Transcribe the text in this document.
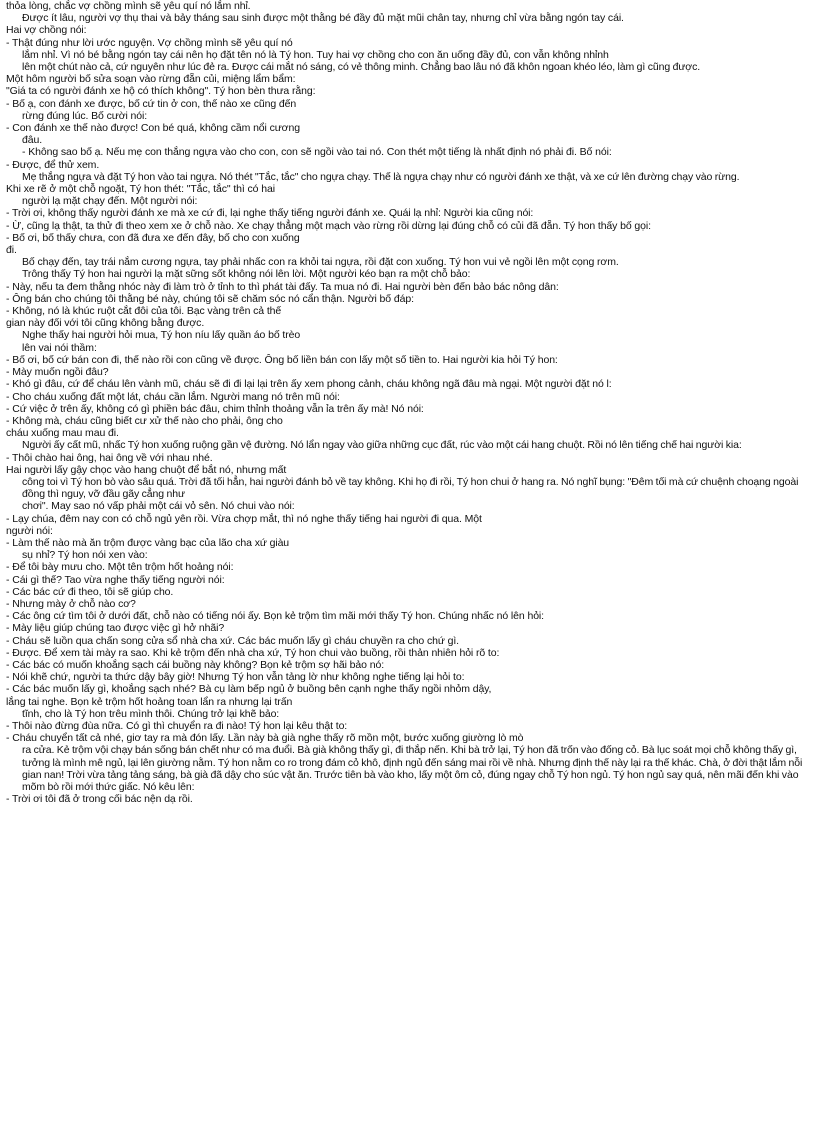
thỏa lòng, chắc vợ chồng mình sẽ yêu quí nó lắm nhỉ.
Được ít lâu, người vợ thụ thai và bảy tháng sau sinh được một thằng bé đầy đủ mặt mũi chân tay, nhưng chỉ vừa bằng ngón tay cái.
Hai vợ chồng nói:
- Thật đúng như lời ước nguyện. Vợ chồng mình sẽ yêu quí nó
lắm nhỉ. Vì nó bé bằng ngón tay cái nên họ đặt tên nó là Tý hon. Tuy hai vợ chồng cho con ăn uống đầy đủ, con vẫn không nhỉnh
lên một chút nào cả, cứ nguyên như lúc đẻ ra. Được cái mắt nó sáng, có vẻ thông minh. Chẳng bao lâu nó đã khôn ngoan khéo léo, làm gì cũng được.
Một hôm người bố sửa soạn vào rừng đẵn củi, miệng lẩm bẩm:
"Giá ta có người đánh xe hộ có thích không". Tý hon bèn thưa rằng:
- Bố ạ, con đánh xe được, bố cứ tin ở con, thế nào xe cũng đến
rừng đúng lúc. Bố cười nói:
- Con đánh xe thế nào được! Con bé quá, không cầm nổi cương
đâu.
- Không sao bố ạ. Nếu mẹ con thắng ngựa vào cho con, con sẽ ngồi vào tai nó. Con thét một tiếng là nhất định nó phải đi. Bố nói:
- Được, để thử xem.
Mẹ thắng ngựa và đặt Tý hon vào tai ngựa. Nó thét "Tắc, tắc" cho ngựa chạy. Thế là ngựa chạy như có người đánh xe thật, và xe cứ lên đường chạy vào rừng.
Khi xe rẽ ở một chỗ ngoặt, Tý hon thét: "Tắc, tắc" thì có hai
người lạ mặt chạy đến. Một người nói:
- Trời ơi, không thấy người đánh xe mà xe cứ đi, lại nghe thấy tiếng người đánh xe. Quái lạ nhỉ: Người kia cũng nói:
- Ừ, cũng lạ thật, ta thử đi theo xem xe ở chỗ nào. Xe chạy thẳng một mạch vào rừng rồi dừng lại đúng chỗ có củi đã đẵn. Tý hon thấy bố gọi:
- Bố ơi, bố thấy chưa, con đã đưa xe đến đây, bố cho con xuống
đi.
Bố chạy đến, tay trái nắm cương ngựa, tay phải nhấc con ra khỏi tai ngựa, rồi đặt con xuống. Tý hon vui vẻ ngồi lên một cọng rơm.
Trông thấy Tý hon hai người lạ mặt sững sốt không nói lên lời. Một người kéo bạn ra một chỗ bảo:
- Này, nếu ta đem thằng nhóc này đi làm trò ở tỉnh to thì phát tài đấy. Ta mua nó đi. Hai người bèn đến bảo bác nông dân:
- Ông bán cho chúng tôi thằng bé này, chúng tôi sẽ chăm sóc nó cẩn thận. Người bố đáp:
- Không, nó là khúc ruột cắt đôi của tôi. Bạc vàng trên cả thế
gian này đối với tôi cũng không bằng được.
Nghe thấy hai người hỏi mua, Tý hon níu lấy quần áo bố trèo
lên vai nói thầm:
- Bố ơi, bố cứ bán con đi, thế nào rồi con cũng về được. Ông bố liền bán con lấy một số tiền to. Hai người kia hỏi Tý hon:
- Mày muốn ngồi đâu?
- Khó gì đâu, cứ để cháu lên vành mũ, cháu sẽ đi đi lại lại trên ấy xem phong cảnh, cháu không ngã đâu mà ngại. Một người đặt nó l:
- Cho cháu xuống đất một lát, cháu cần lắm. Người mang nó trên mũ nói:
- Cứ việc ở trên ấy, không có gì phiền bác đâu, chim thỉnh thoảng vẫn ỉa trên ấy mà! Nó nói:
- Không mà, cháu cũng biết cư xử thế nào cho phải, ông cho
cháu xuống mau mau đi.
Người ấy cất mũ, nhấc Tý hon xuống ruộng gần vệ đường. Nó lẩn ngay vào giữa những cục đất, rúc vào một cái hang chuột. Rồi nó lên tiếng chế hai người kia:
- Thôi chào hai ông, hai ông về với nhau nhé.
Hai người lấy gậy chọc vào hang chuột để bắt nó, nhưng mất
công toi vì Tý hon bò vào sâu quá. Trời đã tối hẳn, hai người đánh bỏ về tay không. Khi họ đi rồi, Tý hon chui ở hang ra. Nó nghĩ bụng: "Đêm tối mà cứ chuệnh choạng ngoài đồng thì nguy, vỡ đầu gãy cẳng như
chơi". May sao nó vấp phải một cái vỏ sên. Nó chui vào nói:
- Lạy chúa, đêm nay con có chỗ ngủ yên rồi. Vừa chợp mắt, thì nó nghe thấy tiếng hai người đi qua. Một
người nói:
- Làm thế nào mà ăn trộm được vàng bạc của lão cha xứ giàu
sụ nhỉ? Tý hon nói xen vào:
- Để tôi bày mưu cho. Một tên trộm hốt hoảng nói:
- Cái gì thế? Tao vừa nghe thấy tiếng người nói:
- Các bác cứ đi theo, tôi sẽ giúp cho.
- Nhưng mày ở chỗ nào cơ?
- Các ông cứ tìm tôi ở dưới đất, chỗ nào có tiếng nói ấy. Bọn kẻ trộm tìm mãi mới thấy Tý hon. Chúng nhấc nó lên hỏi:
- Mày liệu giúp chúng tao được việc gì hở nhãi?
- Cháu sẽ luồn qua chấn song cửa sổ nhà cha xứ. Các bác muốn lấy gì cháu chuyền ra cho chứ gì.
- Được. Để xem tài mày ra sao. Khi kẻ trộm đến nhà cha xứ, Tý hon chui vào buồng, rồi thản nhiên hỏi rõ to:
- Các bác có muốn khoắng sạch cái buồng này không? Bọn kẻ trộm sợ hãi bảo nó:
- Nói khẽ chứ, người ta thức dậy bây giờ! Nhưng Tý hon vẫn tảng lờ như không nghe tiếng lại hỏi to:
- Các bác muốn lấy gì, khoắng sạch nhé? Bà cụ làm bếp ngủ ở buồng bên cạnh nghe thấy ngồi nhỏm dậy,
lắng tai nghe. Bọn kẻ trộm hốt hoảng toan lẩn ra nhưng lại trấn
tĩnh, cho là Tý hon trêu mình thôi. Chúng trở lại khẽ bảo:
- Thôi nào đừng đùa nữa. Có gì thì chuyển ra đi nào! Tý hon lại kêu thật to:
- Cháu chuyển tất cả nhé, giơ tay ra mà đón lấy. Lần này bà già nghe thấy rõ mồn một, bước xuống giường lò mò
ra cửa. Kẻ trộm vội chạy bán sống bán chết như có ma đuổi. Bà già không thấy gì, đi thắp nến. Khi bà trở lại, Tý hon đã trốn vào đống cỏ. Bà lục soát mọi chỗ không thấy gì, tưởng là mình mê ngủ, lại lên giường nằm. Tý hon nằm co ro trong đám cỏ khô, định ngủ đến sáng mai rồi về nhà. Nhưng định thế này lại ra thế khác. Chà, ở đời thật lắm nỗi gian nan! Trời vừa tảng tảng sáng, bà già đã dậy cho súc vật ăn. Trước tiên bà vào kho, lấy một ôm cỏ, đúng ngay chỗ Tý hon ngủ. Tý hon ngủ say quá, nên mãi đến khi vào mõm bò rồi mới thức giấc. Nó kêu lên:
- Trời ơi tôi đã ở trong cối bác nện dạ rồi.
